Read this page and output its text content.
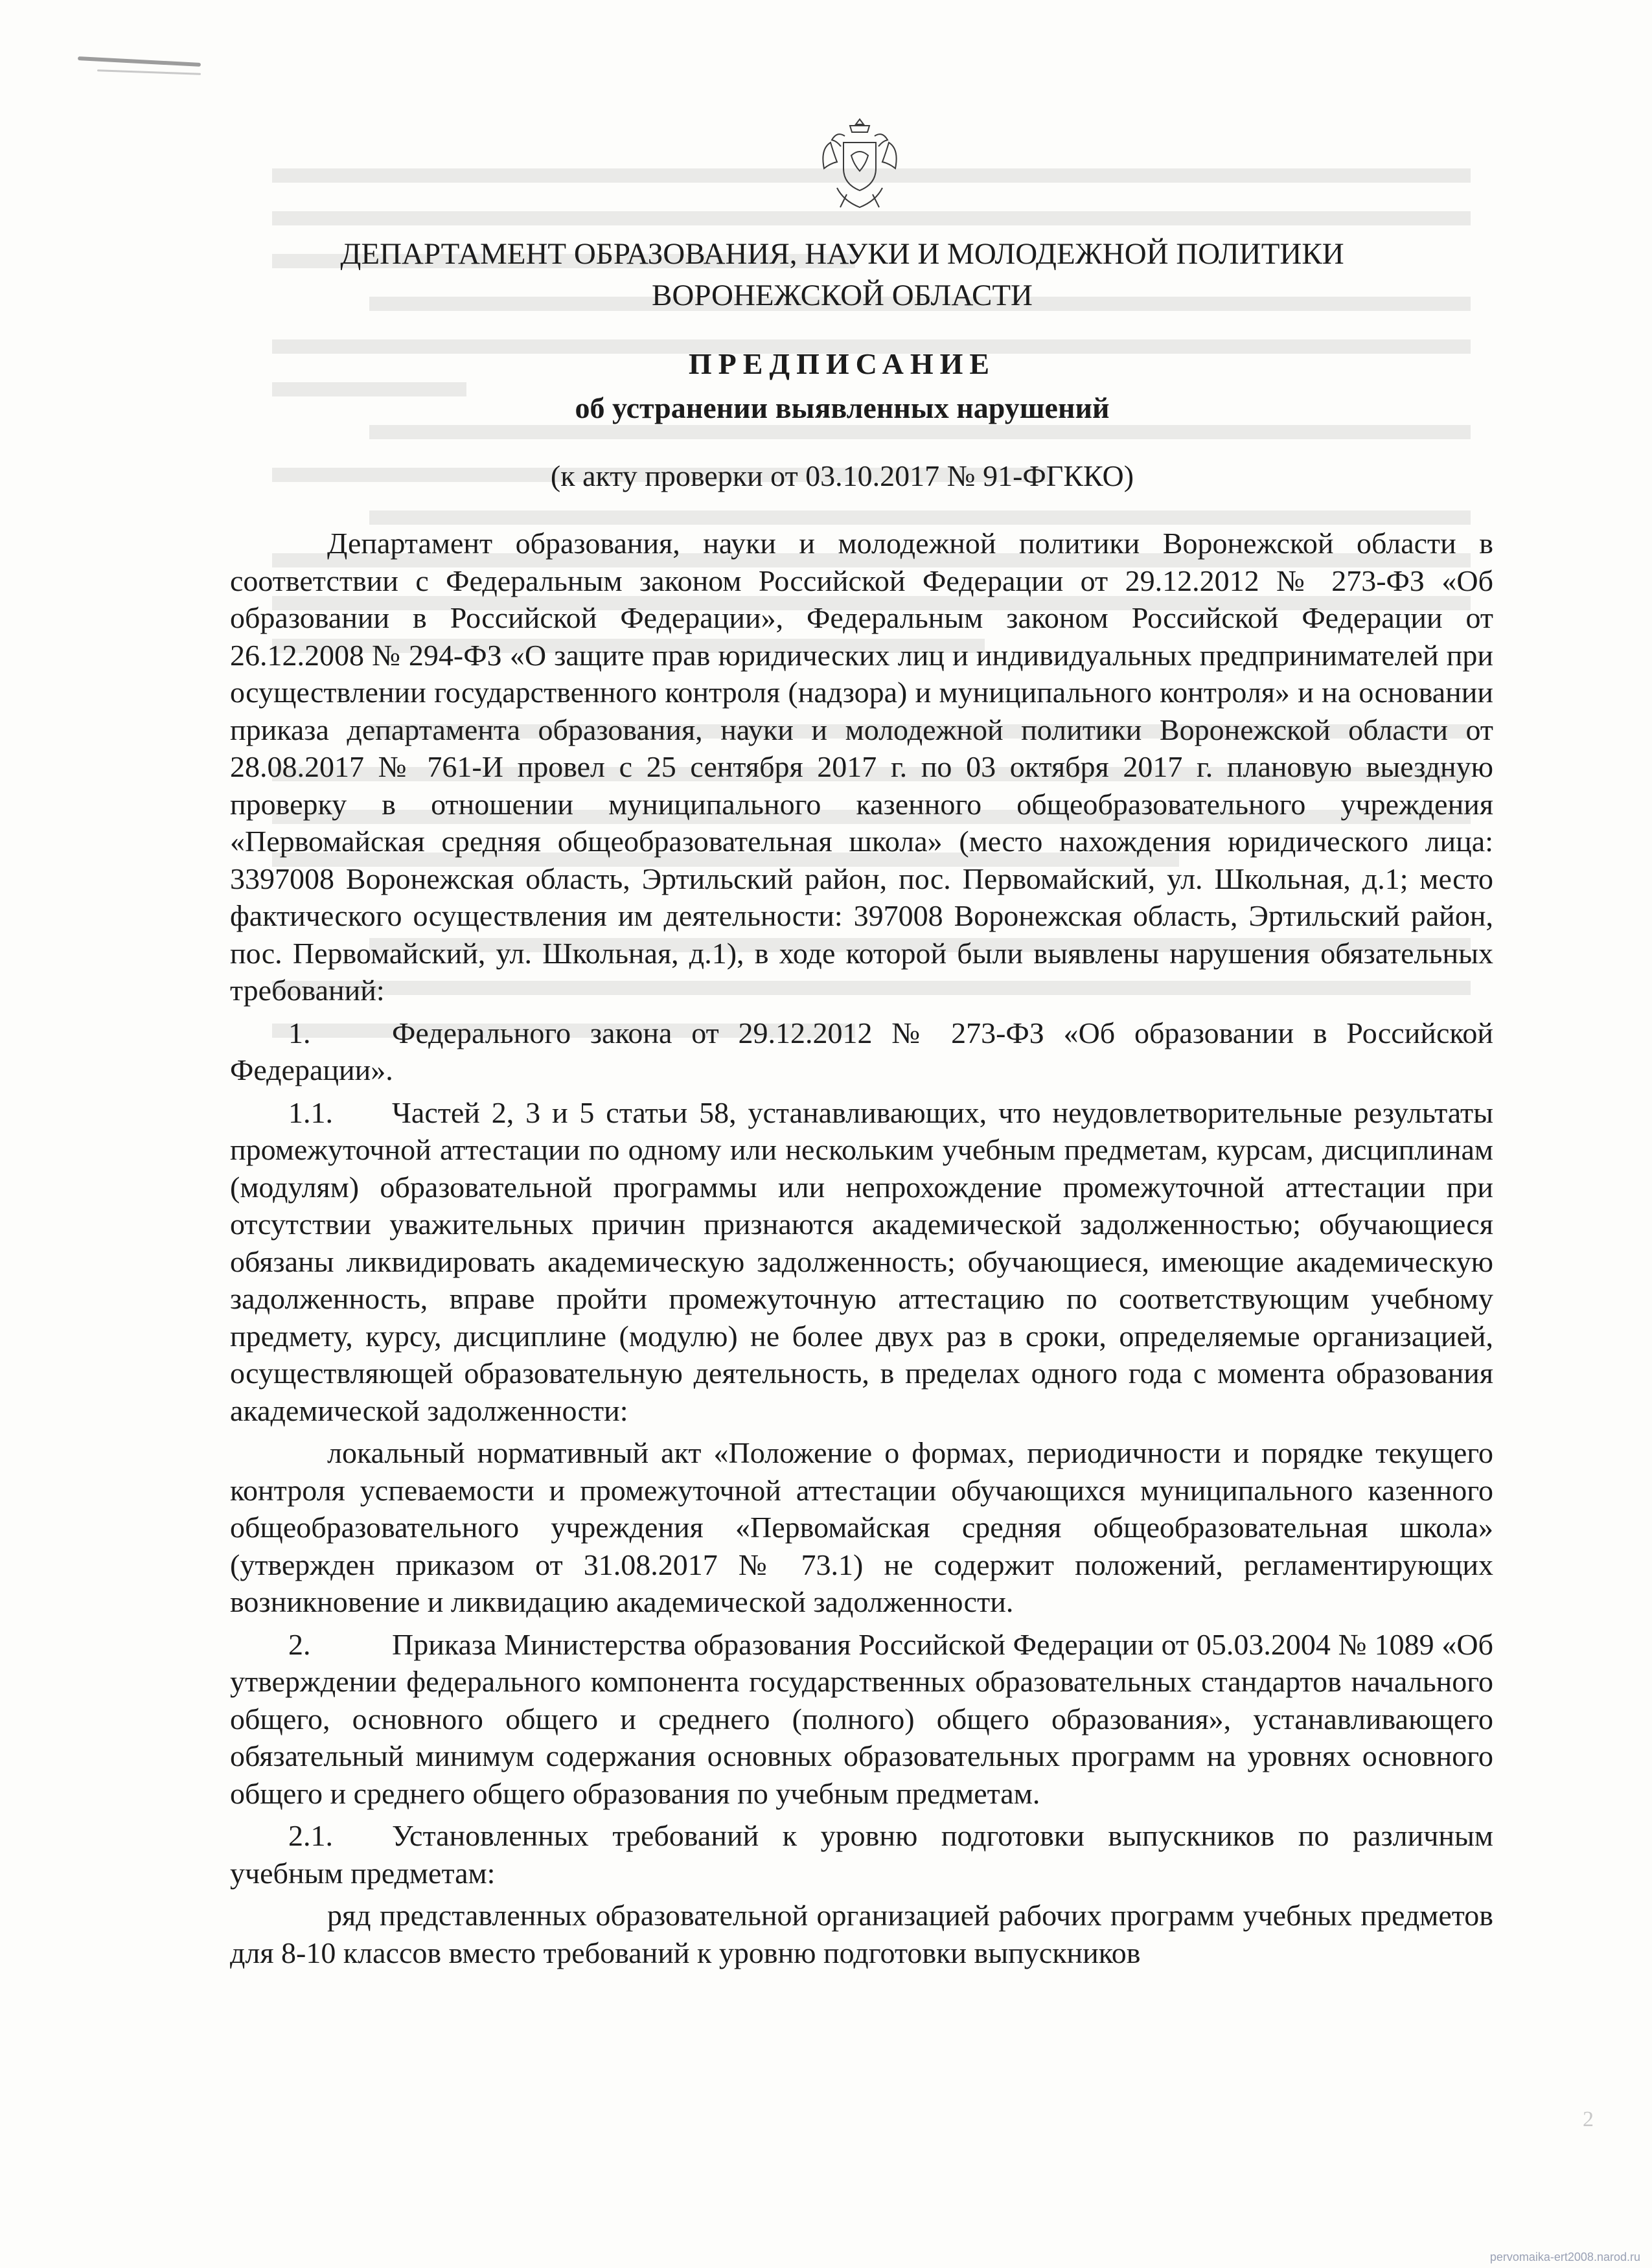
ДЕПАРТАМЕНТ ОБРАЗОВАНИЯ, НАУКИ И МОЛОДЕЖНОЙ ПОЛИТИКИ
ВОРОНЕЖСКОЙ ОБЛАСТИ
ПРЕДПИСАНИЕ
об устранении выявленных нарушений
(к акту проверки от 03.10.2017 № 91-ФГККО)

Департамент образования, науки и молодежной политики Воронежской области в соответствии с Федеральным законом Российской Федерации от 29.12.2012 № 273-ФЗ «Об образовании в Российской Федерации», Федеральным законом Российской Федерации от 26.12.2008 № 294-ФЗ «О защите прав юридических лиц и индивидуальных предпринимателей при осуществлении государственного контроля (надзора) и муниципального контроля» и на основании приказа департамента образования, науки и молодежной политики Воронежской области от 28.08.2017 № 761-И провел с 25 сентября 2017 г. по 03 октября 2017 г. плановую выездную проверку в отношении муниципального казенного общеобразовательного учреждения «Первомайская средняя общеобразовательная школа» (место нахождения юридического лица: 3397008 Воронежская область, Эртильский район, пос. Первомайский, ул. Школьная, д.1; место фактического осуществления им деятельности: 397008 Воронежская область, Эртильский район, пос. Первомайский, ул. Школьная, д.1), в ходе которой были выявлены нарушения обязательных требований:

1.	Федерального закона от 29.12.2012 № 273-ФЗ «Об образовании в Российской Федерации».

1.1. Частей 2, 3 и 5 статьи 58, устанавливающих, что неудовлетворительные результаты промежуточной аттестации по одному или нескольким учебным предметам, курсам, дисциплинам (модулям) образовательной программы или непрохождение промежуточной аттестации при отсутствии уважительных причин признаются академической задолженностью; обучающиеся обязаны ликвидировать академическую задолженность; обучающиеся, имеющие академическую задолженность, вправе пройти промежуточную аттестацию по соответствующим учебному предмету, курсу, дисциплине (модулю) не более двух раз в сроки, определяемые организацией, осуществляющей образовательную деятельность, в пределах одного года с момента образования академической задолженности:

локальный нормативный акт «Положение о формах, периодичности и порядке текущего контроля успеваемости и промежуточной аттестации обучающихся муниципального казенного общеобразовательного учреждения «Первомайская средняя общеобразовательная школа» (утвержден приказом от 31.08.2017 № 73.1) не содержит положений, регламентирующих возникновение и ликвидацию академической задолженности.

2.	Приказа Министерства образования Российской Федерации от 05.03.2004 № 1089 «Об утверждении федерального компонента государственных образовательных стандартов начального общего, основного общего и среднего (полного) общего образования», устанавливающего обязательный минимум содержания основных образовательных программ на уровнях основного общего и среднего общего образования по учебным предметам.

2.1. Установленных требований к уровню подготовки выпускников по различным учебным предметам:

ряд представленных образовательной организацией рабочих программ учебных предметов для 8-10 классов вместо требований к уровню подготовки выпускников

2
pervomaika-ert2008.narod.ru
